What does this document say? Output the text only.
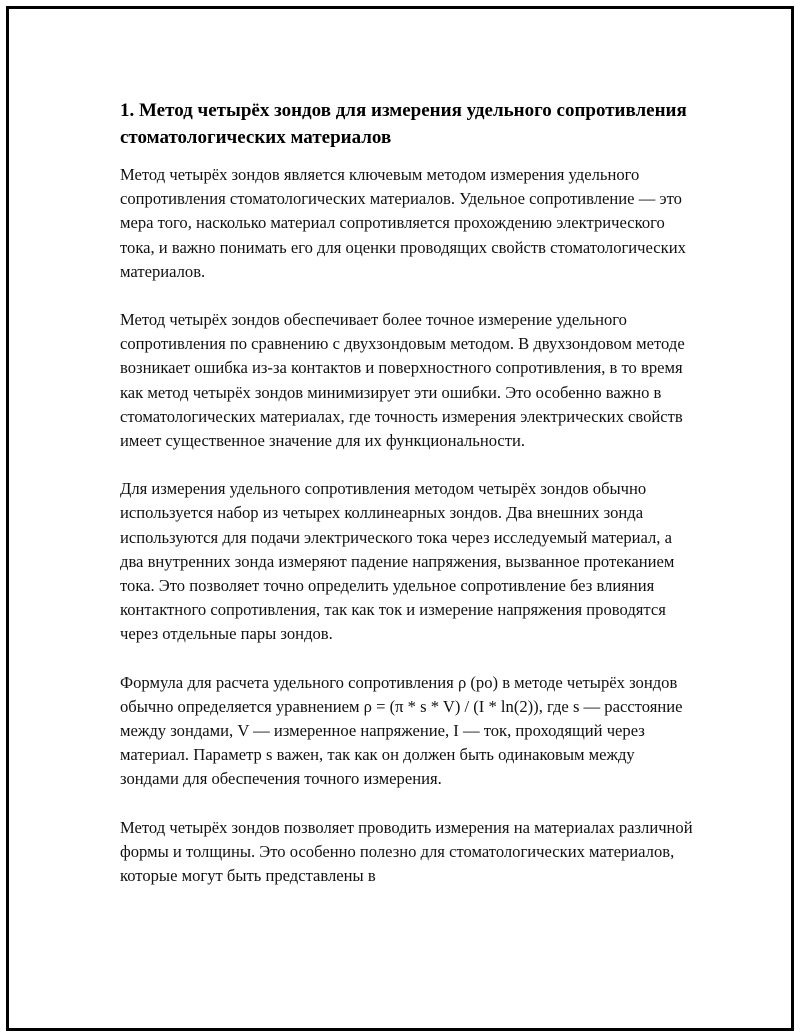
1. Метод четырёх зондов для измерения удельного сопротивления стоматологических материалов

Метод четырёх зондов является ключевым методом измерения удельного сопротивления стоматологических материалов. Удельное сопротивление — это мера того, насколько материал сопротивляется прохождению электрического тока, и важно понимать его для оценки проводящих свойств стоматологических материалов.

Метод четырёх зондов обеспечивает более точное измерение удельного сопротивления по сравнению с двухзондовым методом. В двухзондовом методе возникает ошибка из-за контактов и поверхностного сопротивления, в то время как метод четырёх зондов минимизирует эти ошибки. Это особенно важно в стоматологических материалах, где точность измерения электрических свойств имеет существенное значение для их функциональности.

Для измерения удельного сопротивления методом четырёх зондов обычно используется набор из четырех коллинеарных зондов. Два внешних зонда используются для подачи электрического тока через исследуемый материал, а два внутренних зонда измеряют падение напряжения, вызванное протеканием тока. Это позволяет точно определить удельное сопротивление без влияния контактного сопротивления, так как ток и измерение напряжения проводятся через отдельные пары зондов.

Формула для расчета удельного сопротивления ρ (ро) в методе четырёх зондов обычно определяется уравнением ρ = (π * s * V) / (I * ln(2)), где s — расстояние между зондами, V — измеренное напряжение, I — ток, проходящий через материал. Параметр s важен, так как он должен быть одинаковым между зондами для обеспечения точного измерения.

Метод четырёх зондов позволяет проводить измерения на материалах различной формы и толщины. Это особенно полезно для стоматологических материалов, которые могут быть представлены в
